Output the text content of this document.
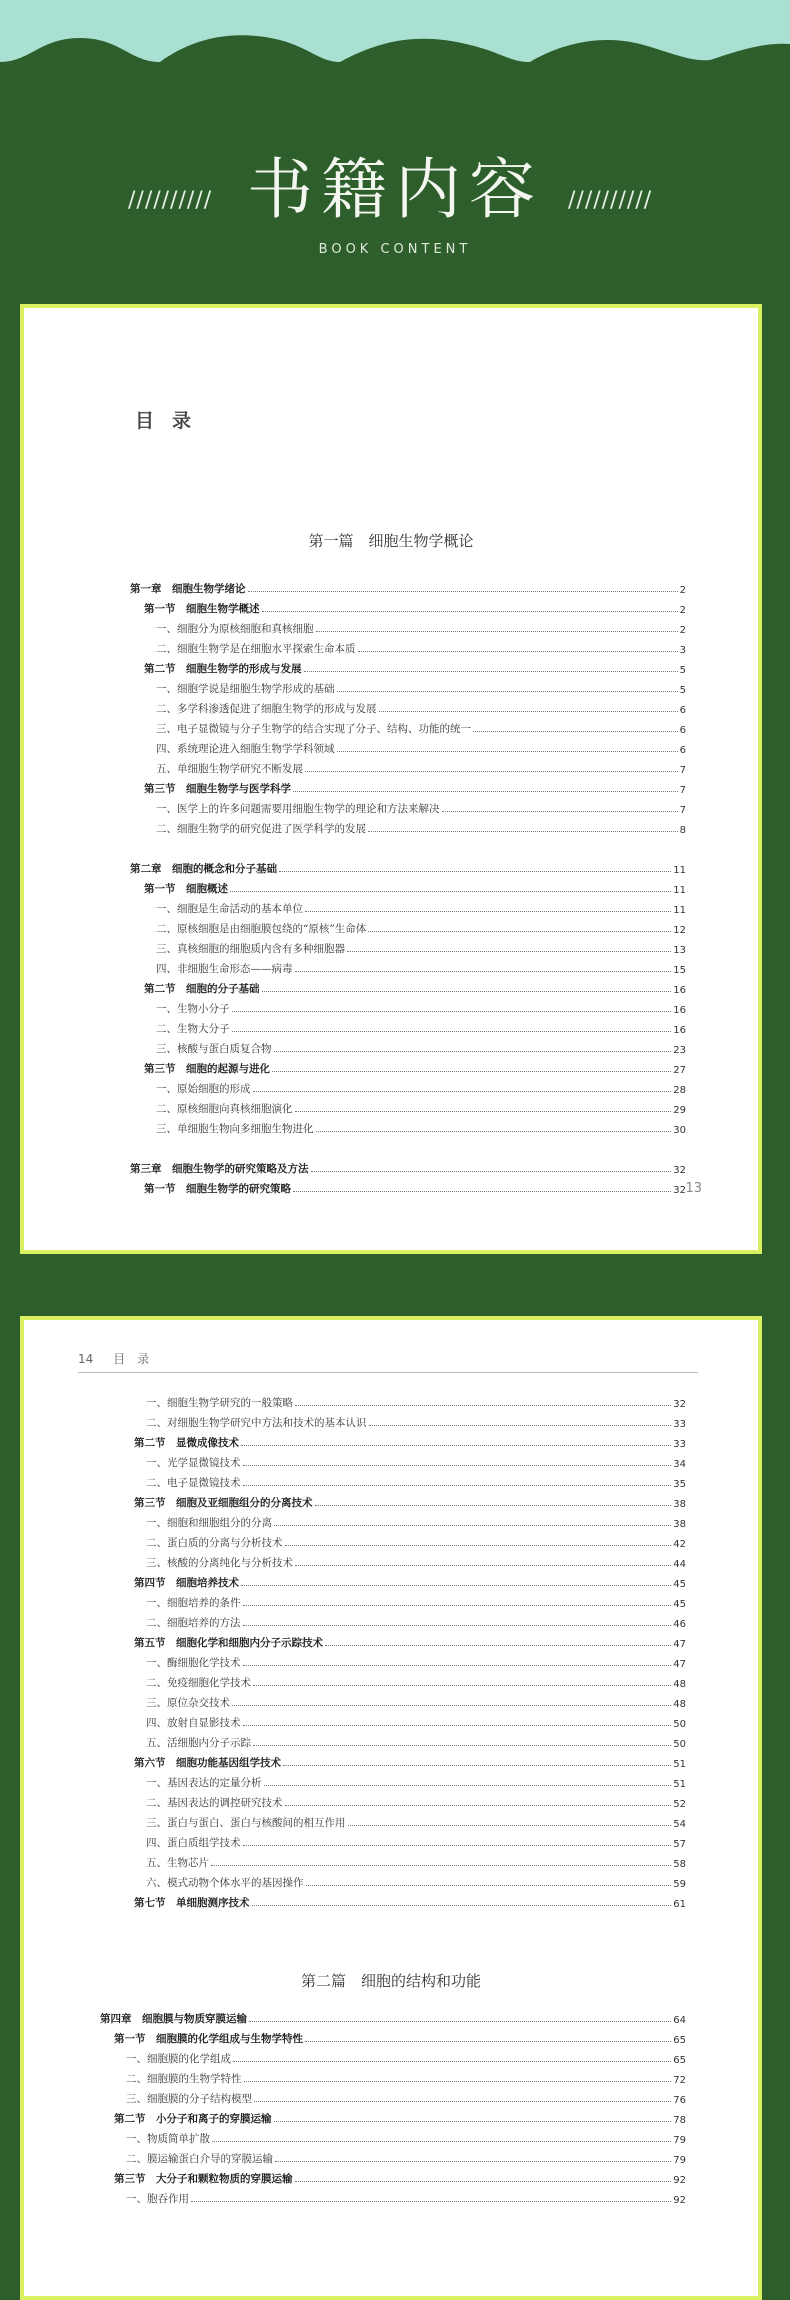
////////// 书籍内容	//////////
BOOK CONTENT
目录
第一篇　细胞生物学概论
第一章　细胞生物学绪论	2
第一节　细胞生物学概述	2
一、细胞分为原核细胞和真核细胞	2
二、细胞生物学是在细胞水平探索生命本质	3
第二节　细胞生物学的形成与发展	5
一、细胞学说是细胞生物学形成的基础	5
二、多学科渗透促进了细胞生物学的形成与发展	6
三、电子显微镜与分子生物学的结合实现了分子、结构、功能的统一	6
四、系统理论进入细胞生物学学科领域	6
五、单细胞生物学研究不断发展	7
第三节　细胞生物学与医学科学	7
一、医学上的许多问题需要用细胞生物学的理论和方法来解决	7
二、细胞生物学的研究促进了医学科学的发展	8
第二章　细胞的概念和分子基础	11
第一节　细胞概述	11
一、细胞是生命活动的基本单位	11
二、原核细胞是由细胞膜包绕的“原核”生命体	12
三、真核细胞的细胞质内含有多种细胞器	13
四、非细胞生命形态——病毒	15
第二节　细胞的分子基础	16
一、生物小分子	16
二、生物大分子	16
三、核酸与蛋白质复合物	23
第三节　细胞的起源与进化	27
一、原始细胞的形成	28
二、原核细胞向真核细胞演化	29
三、单细胞生物向多细胞生物进化	30
第三章　细胞生物学的研究策略及方法	32
第一节　细胞生物学的研究策略	32 13
14 目　录
一、细胞生物学研究的一般策略	32
二、对细胞生物学研究中方法和技术的基本认识	33
第二节　显微成像技术	33
一、光学显微镜技术	34
二、电子显微镜技术	35
第三节　细胞及亚细胞组分的分离技术	38
一、细胞和细胞组分的分离	38
二、蛋白质的分离与分析技术	42
三、核酸的分离纯化与分析技术	44
第四节　细胞培养技术	45
一、细胞培养的条件	45
二、细胞培养的方法	46
第五节　细胞化学和细胞内分子示踪技术	47
一、酶细胞化学技术	47
二、免疫细胞化学技术	48
三、原位杂交技术	48
四、放射自显影技术	50
五、活细胞内分子示踪	50
第六节　细胞功能基因组学技术	51
一、基因表达的定量分析	51
二、基因表达的调控研究技术	52
三、蛋白与蛋白、蛋白与核酸间的相互作用	54
四、蛋白质组学技术	57
五、生物芯片	58
六、模式动物个体水平的基因操作	59
第七节　单细胞测序技术	61
第二篇　细胞的结构和功能
第四章　细胞膜与物质穿膜运输	64
第一节　细胞膜的化学组成与生物学特性	65
一、细胞膜的化学组成	65
二、细胞膜的生物学特性	72
三、细胞膜的分子结构模型	76
第二节　小分子和离子的穿膜运输	78
一、物质简单扩散	79
二、膜运输蛋白介导的穿膜运输	79
第三节　大分子和颗粒物质的穿膜运输	92
一、胞吞作用	92
